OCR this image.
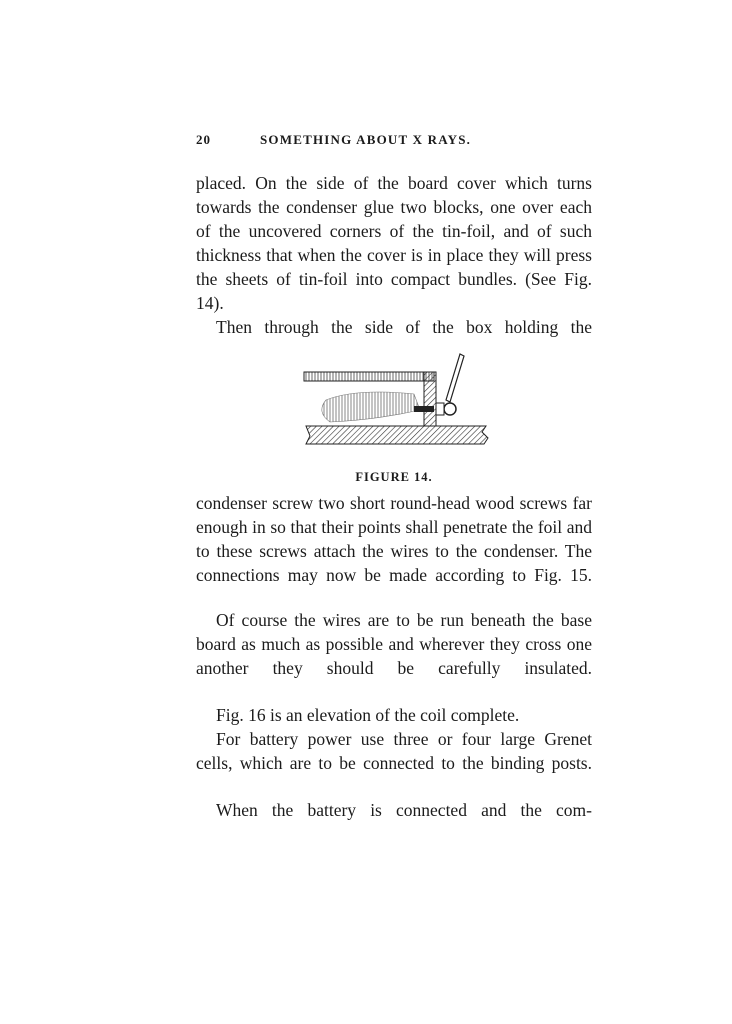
20	SOMETHING ABOUT X RAYS.
placed. On the side of the board cover which turns towards the condenser glue two blocks, one over each of the uncovered corners of the tin-foil, and of such thickness that when the cover is in place they will press the sheets of tin-foil into compact bundles. (See Fig. 14).
Then through the side of the box holding the
FIGURE 14.
condenser screw two short round-head wood screws far enough in so that their points shall penetrate the foil and to these screws attach the wires to the condenser. The connections may now be made according to Fig. 15.
Of course the wires are to be run beneath the base board as much as possible and wherever they cross one another they should be carefully insulated.
Fig. 16 is an elevation of the coil complete.
For battery power use three or four large Grenet cells, which are to be connected to the binding posts.
When the battery is connected and the com-
